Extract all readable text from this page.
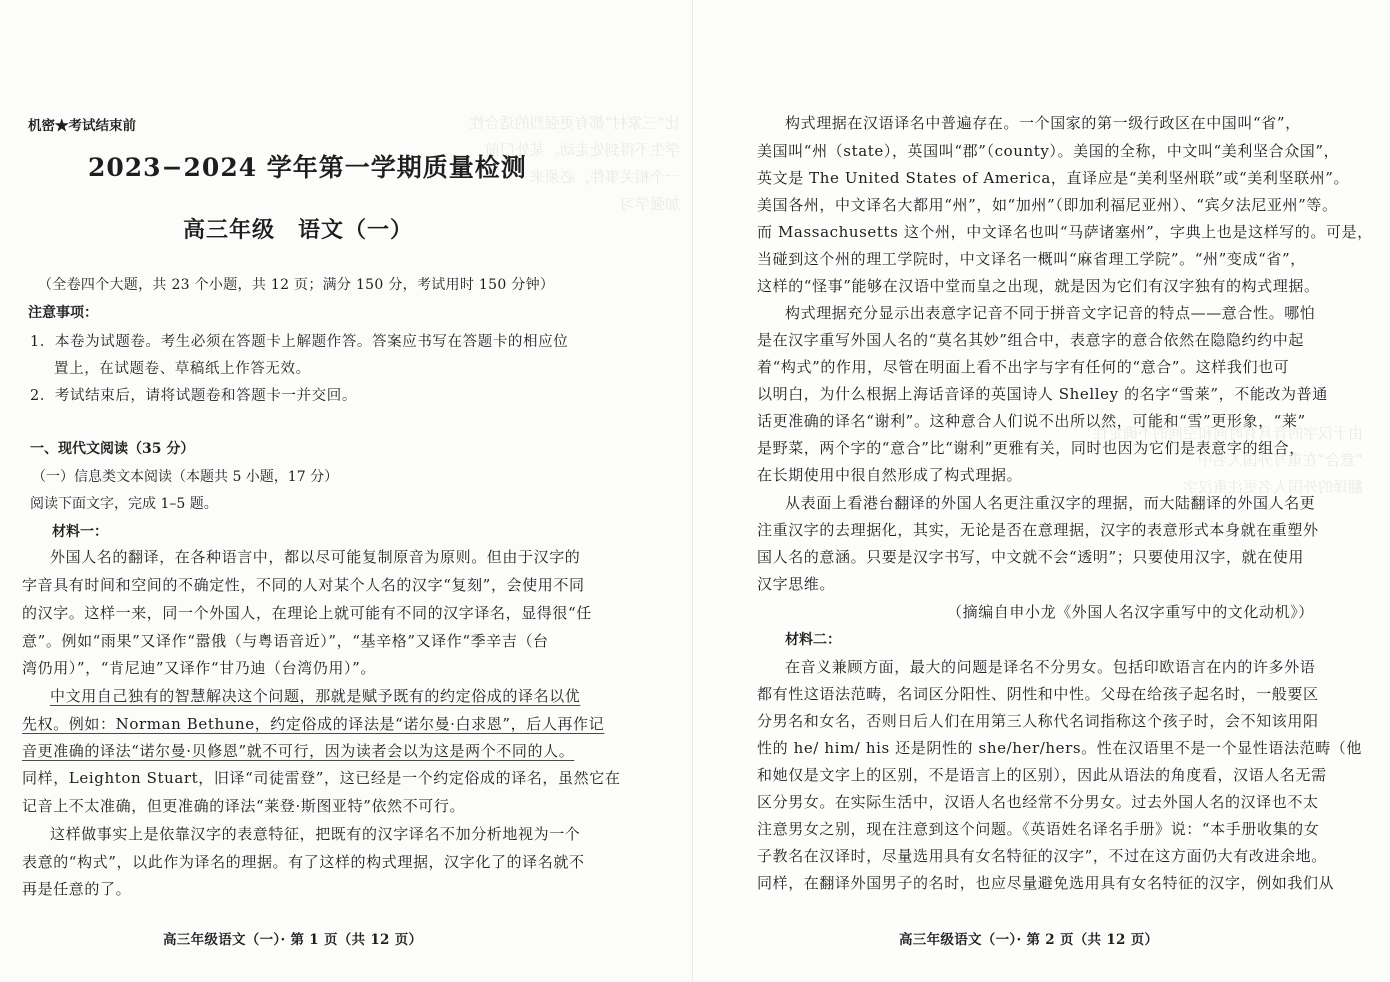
比“三家村”都有更强烈的适合性
学生不得到处走动。某处门前
一个相关事件，必须来
加强学习
机密★考试结束前
2023−2024 学年第一学期质量检测
高三年级　语文（一）
（全卷四个大题，共 23 个小题，共 12 页；满分 150 分，考试用时 150 分钟）
注意事项：
1．本卷为试题卷。考生必须在答题卡上解题作答。答案应书写在答题卡的相应位
置上，在试题卷、草稿纸上作答无效。
2．考试结束后，请将试题卷和答题卡一并交回。
一、现代文阅读（35 分）
（一）信息类文本阅读（本题共 5 小题，17 分）
阅读下面文字，完成 1–5 题。
材料一：
外国人名的翻译，在各种语言中，都以尽可能复制原音为原则。但由于汉字的
字音具有时间和空间的不确定性，不同的人对某个人名的汉字“复刻”，会使用不同
的汉字。这样一来，同一个外国人，在理论上就可能有不同的汉字译名，显得很“任
意”。例如“雨果”又译作“嚣俄（与粤语音近）”，“基辛格”又译作“季辛吉（台
湾仍用）”，“肯尼迪”又译作“甘乃迪（台湾仍用）”。
中文用自己独有的智慧解决这个问题，那就是赋予既有的约定俗成的译名以优
先权。例如：Norman Bethune，约定俗成的译法是“诺尔曼·白求恩”，后人再作记
音更准确的译法“诺尔曼·贝修恩”就不可行，因为读者会以为这是两个不同的人。
同样，Leighton Stuart，旧译“司徒雷登”，这已经是一个约定俗成的译名，虽然它在
记音上不太准确，但更准确的译法“莱登·斯图亚特”依然不可行。
这样做事实上是依靠汉字的表意特征，把既有的汉字译名不加分析地视为一个
表意的“构式”，以此作为译名的理据。有了这样的构式理据，汉字化了的译名就不
再是任意的了。
高三年级语文（一）· 第 1 页（共 12 页）
由于汉字的音具有时间和空间的不确定性
“意合”在重写外国人名中
翻译的外国人名更注重汉字
构式理据在汉语译名中普遍存在。一个国家的第一级行政区在中国叫“省”，
美国叫“州（state），英国叫“郡”（county）。美国的全称，中文叫“美利坚合众国”，
英文是 The United States of America，直译应是“美利坚州联”或“美利坚联州”。
美国各州，中文译名大都用“州”，如“加州”（即加利福尼亚州）、“宾夕法尼亚州”等。
而 Massachusetts 这个州，中文译名也叫“马萨诸塞州”，字典上也是这样写的。可是，
当碰到这个州的理工学院时，中文译名一概叫“麻省理工学院”。“州”变成“省”，
这样的“怪事”能够在汉语中堂而皇之出现，就是因为它们有汉字独有的构式理据。
构式理据充分显示出表意字记音不同于拼音文字记音的特点——意合性。哪怕
是在汉字重写外国人名的“莫名其妙”组合中，表意字的意合依然在隐隐约约中起
着“构式”的作用，尽管在明面上看不出字与字有任何的“意合”。这样我们也可
以明白，为什么根据上海话音译的英国诗人 Shelley 的名字“雪莱”，不能改为普通
话更准确的译名“谢利”。这种意合人们说不出所以然，可能和“雪”更形象，“莱”
是野菜，两个字的“意合”比“谢利”更雅有关，同时也因为它们是表意字的组合，
在长期使用中很自然形成了构式理据。
从表面上看港台翻译的外国人名更注重汉字的理据，而大陆翻译的外国人名更
注重汉字的去理据化，其实，无论是否在意理据，汉字的表意形式本身就在重塑外
国人名的意涵。只要是汉字书写，中文就不会“透明”；只要使用汉字，就在使用
汉字思维。
（摘编自申小龙《外国人名汉字重写中的文化动机》）
材料二：
在音义兼顾方面，最大的问题是译名不分男女。包括印欧语言在内的许多外语
都有性这语法范畴，名词区分阳性、阴性和中性。父母在给孩子起名时，一般要区
分男名和女名，否则日后人们在用第三人称代名词指称这个孩子时，会不知该用阳
性的 he/ him/ his 还是阴性的 she/her/hers。性在汉语里不是一个显性语法范畴（他
和她仅是文字上的区别，不是语言上的区别），因此从语法的角度看，汉语人名无需
区分男女。在实际生活中，汉语人名也经常不分男女。过去外国人名的汉译也不太
注意男女之别，现在注意到这个问题。《英语姓名译名手册》说：“本手册收集的女
子教名在汉译时，尽量选用具有女名特征的汉字”，不过在这方面仍大有改进余地。
同样，在翻译外国男子的名时，也应尽量避免选用具有女名特征的汉字，例如我们从
高三年级语文（一）· 第 2 页（共 12 页）
